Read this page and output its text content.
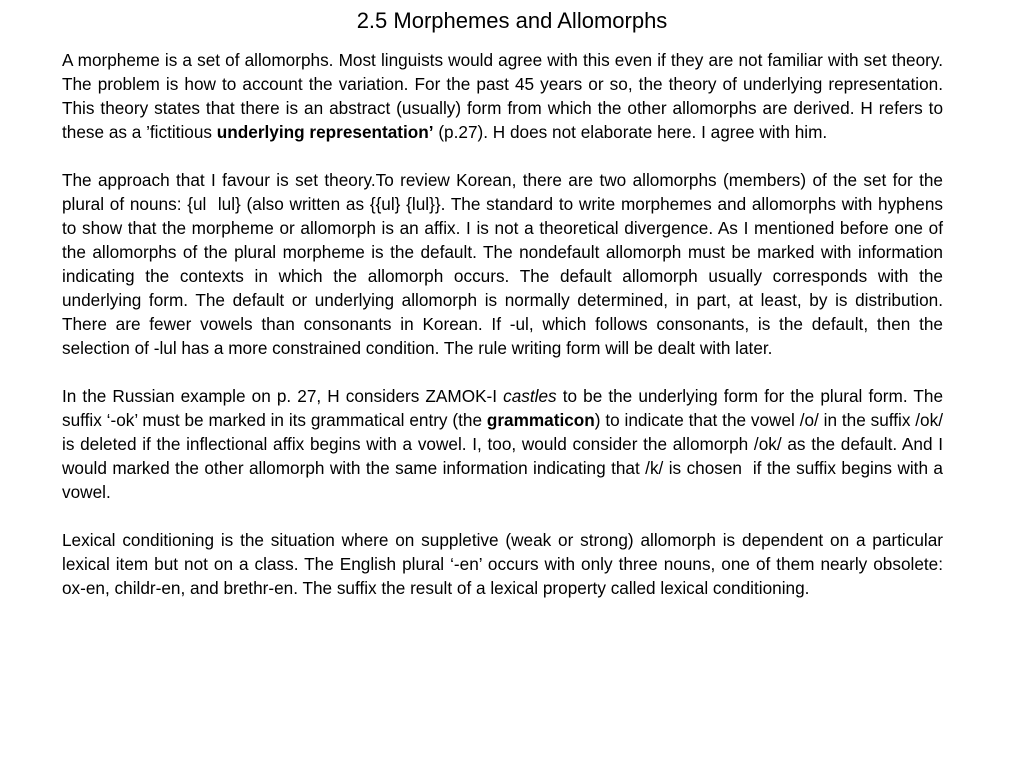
2.5 Morphemes and Allomorphs

A morpheme is a set of allomorphs. Most linguists would agree with this even if they are not familiar with set theory. The problem is how to account the variation. For the past 45 years or so, the theory of underlying representation. This theory states that there is an abstract (usually) form from which the other allomorphs are derived. H refers to these as a ’fictitious underlying representation’ (p.27). H does not elaborate here. I agree with him.

The approach that I favour is set theory.To review Korean, there are two allomorphs (members) of the set for the plural of nouns: {ul  lul} (also written as {{ul} {lul}}. The standard to write morphemes and allomorphs with hyphens to show that the morpheme or allomorph is an affix. I is not a theoretical divergence. As I mentioned before one of the allomorphs of the plural morpheme is the default. The nondefault allomorph must be marked with information indicating the contexts in which the allomorph occurs. The default allomorph usually corresponds with the underlying form. The default or underlying allomorph is normally determined, in part, at least, by is distribution. There are fewer vowels than consonants in Korean. If -ul, which follows consonants, is the default, then the selection of -lul has a more constrained condition. The rule writing form will be dealt with later.

In the Russian example on p. 27, H considers ZAMOK-I castles to be the underlying form for the plural form. The suffix ‘-ok’ must be marked in its grammatical entry (the grammaticon) to indicate that the vowel /o/ in the suffix /ok/ is deleted if the inflectional affix begins with a vowel. I, too, would consider the allomorph /ok/ as the default. And I would marked the other allomorph with the same information indicating that /k/ is chosen  if the suffix begins with a vowel.

Lexical conditioning is the situation where on suppletive (weak or strong) allomorph is dependent on a particular lexical item but not on a class. The English plural ‘-en’ occurs with only three nouns, one of them nearly obsolete: ox-en, childr-en, and brethr-en. The suffix the result of a lexical property called lexical conditioning.
